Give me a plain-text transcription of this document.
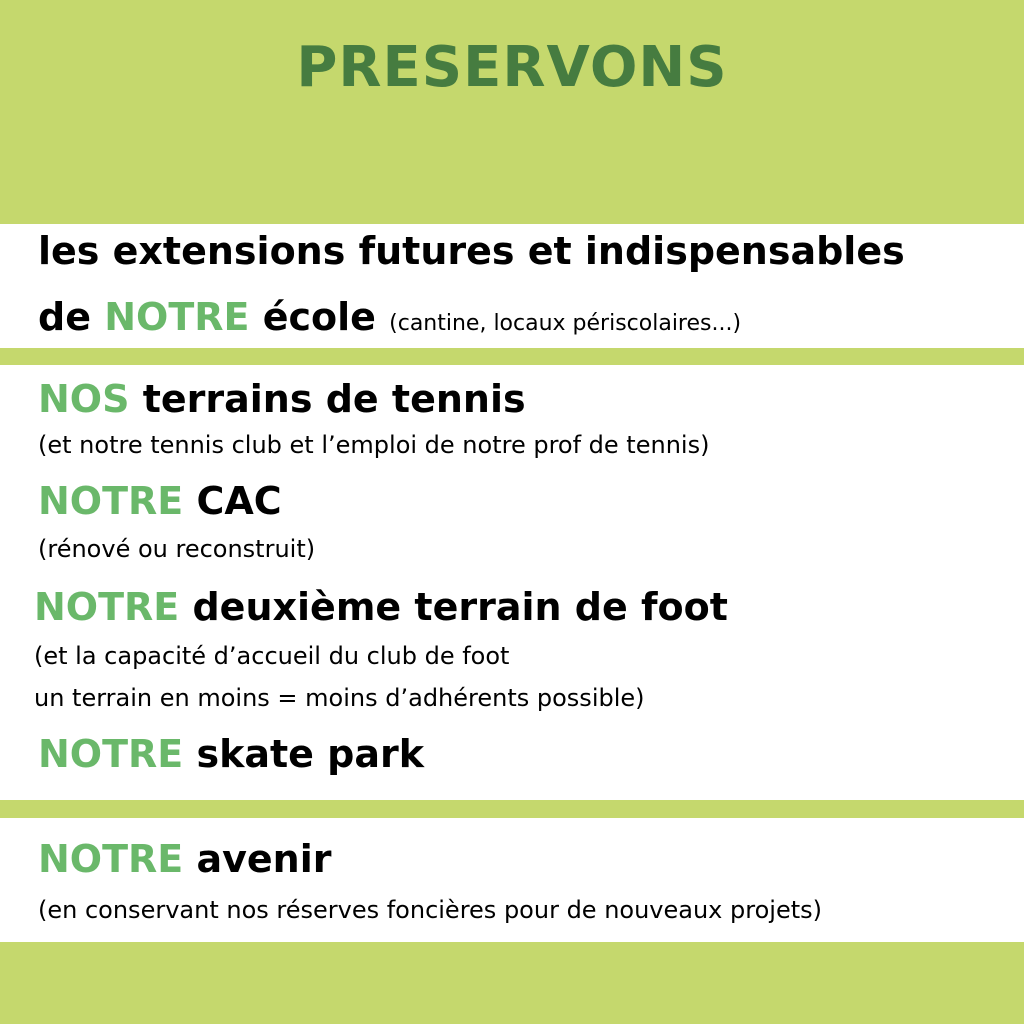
PRESERVONS
les extensions futures et indispensables
de NOTRE école (cantine, locaux périscolaires...)
NOS terrains de tennis
(et notre tennis club et l’emploi de notre prof de tennis)
NOTRE CAC
(rénové ou reconstruit)
NOTRE deuxième terrain de foot
(et la capacité d’accueil du club de foot
un terrain en moins = moins d’adhérents possible)
NOTRE skate park
NOTRE avenir
(en conservant nos réserves foncières pour de nouveaux projets)
